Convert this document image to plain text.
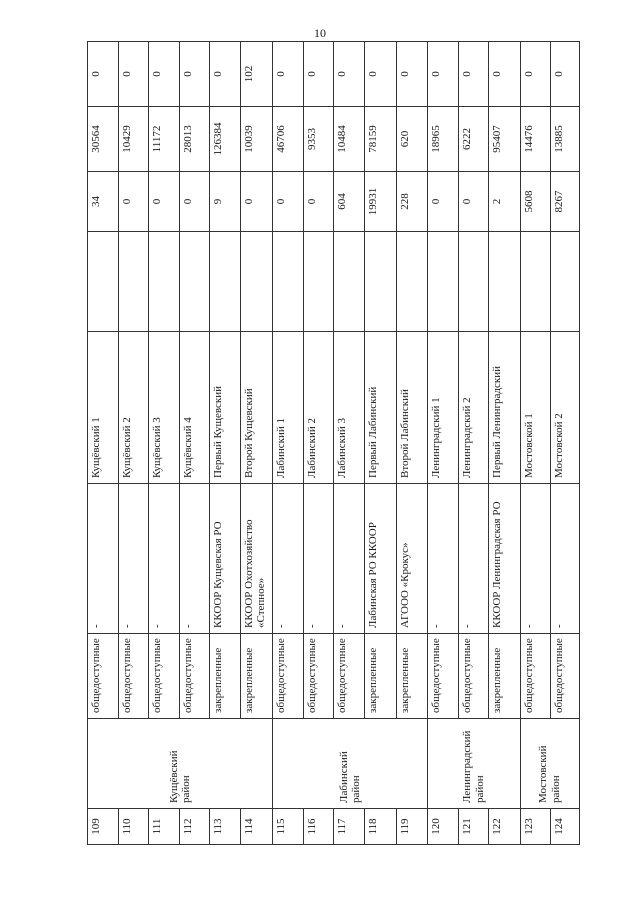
10
109	Кущёвский район	общедоступные	-	Кущёвский 1		34	30564	0
110		общедоступные	-	Кущёвский 2		0	10429	0
111		общедоступные	-	Кущёвский 3		0	11172	0
112		общедоступные	-	Кущёвский 4		0	28013	0
113		закрепленные	ККООР Кущевская РО	Первый Кущевский		9	126384	0
114		закрепленные	ККООР Охотхозяйство «Степное»	Второй Кущевский		0	10039	102
115	Лабинский район	общедоступные	-	Лабинский 1		0	46706	0
116		общедоступные	-	Лабинский 2		0	9353	0
117		общедоступные	-	Лабинский 3		604	10484	0
118		закрепленные	Лабинская РО ККООР	Первый Лабинский		19931	78159	0
119		закрепленные	АГООО «Крокус»	Второй Лабинский		228	620	0
120	Ленинградский район	общедоступные	-	Ленинградский 1		0	18965	0
121		общедоступные	-	Ленинградский 2		0	6222	0
122		закрепленные	ККООР Ленинградская РО	Первый Ленинградский		2	95407	0
123	Мостовский район	общедоступные	-	Мостовской 1		5608	14476	0
124		общедоступные	-	Мостовской 2		8267	13885	0
